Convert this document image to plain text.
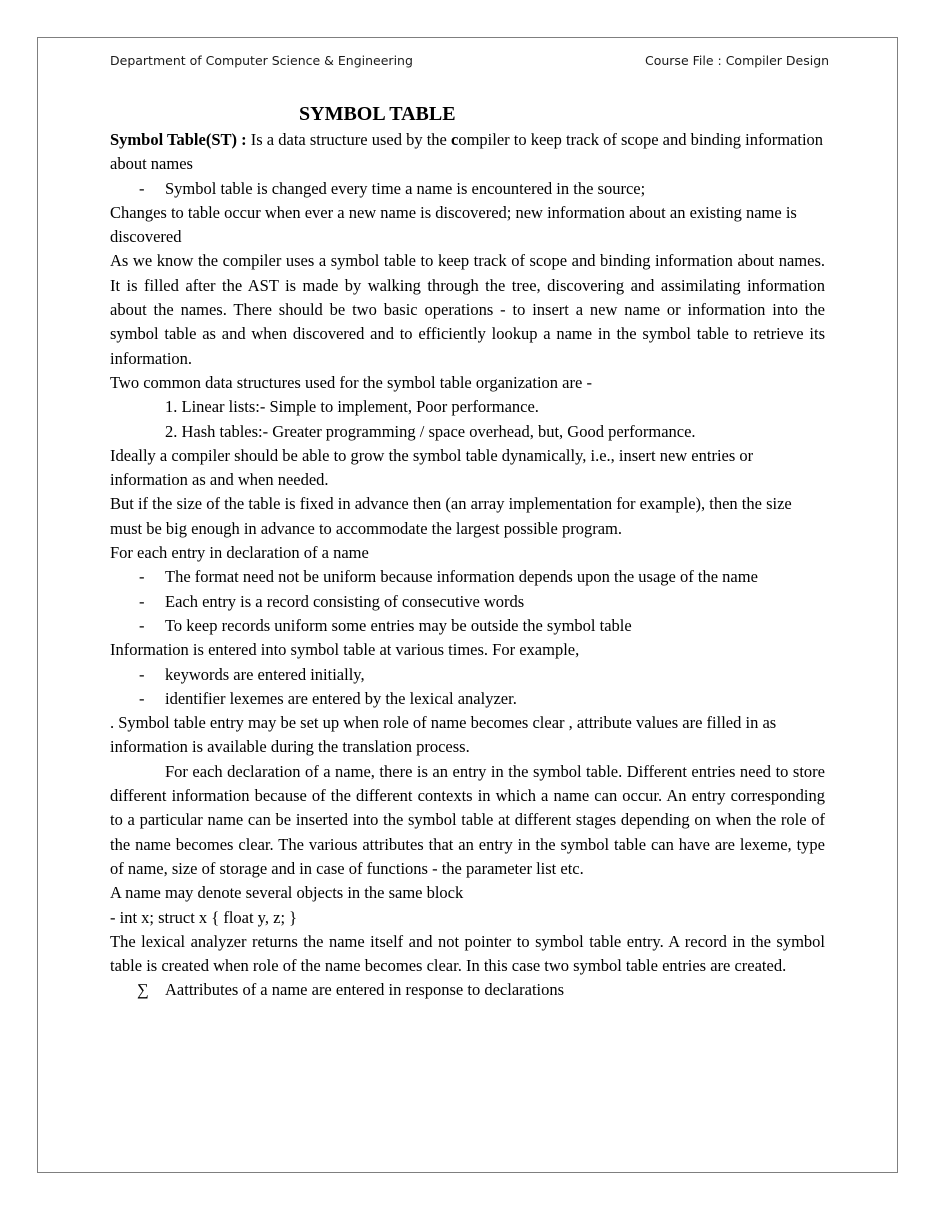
Department of Computer Science & Engineering	Course File : Compiler Design
SYMBOL TABLE

Symbol Table(ST) : Is a data structure used by the compiler to keep track of scope and binding information about names

-	Symbol table is changed every time a name is encountered in the source;

Changes to table occur when ever a new name is discovered; new information about an existing name is discovered

As we know the compiler uses a symbol table to keep track of scope and binding information about names. It is filled after the AST is made by walking through the tree, discovering and assimilating information about the names. There should be two basic operations - to insert a new name or information into the symbol table as and when discovered and to efficiently lookup a name in the symbol table to retrieve its information.

Two common data structures used for the symbol table organization are -

1. Linear lists:- Simple to implement, Poor performance.
2. Hash tables:- Greater programming / space overhead, but, Good performance.

Ideally a compiler should be able to grow the symbol table dynamically, i.e., insert new entries or information as and when needed.

But if the size of the table is fixed in advance then (an array implementation for example), then the size must be big enough in advance to accommodate the largest possible program.

For each entry in declaration of a name

-	The format need not be uniform because information depends upon the usage of the name
-	Each entry is a record consisting of consecutive words
-	To keep records uniform some entries may be outside the symbol table

Information is entered into symbol table at various times. For example,

-	keywords are entered initially,
-	identifier lexemes are entered by the lexical analyzer.

. Symbol table entry may be set up when role of name becomes clear , attribute values are filled in as information is available during the translation process.

For each declaration of a name, there is an entry in the symbol table. Different entries need to store different information because of the different contexts in which a name can occur. An entry corresponding to a particular name can be inserted into the symbol table at different stages depending on when the role of the name becomes clear. The various attributes that an entry in the symbol table can have are lexeme, type of name, size of storage and in case of functions - the parameter list etc.

A name may denote several objects in the same block

- int x; struct x { float y, z; }

The lexical analyzer returns the name itself and not pointer to symbol table entry. A record in the symbol table is created when role of the name becomes clear. In this case two symbol table entries are created.

∑ Aattributes of a name are entered in response to declarations
